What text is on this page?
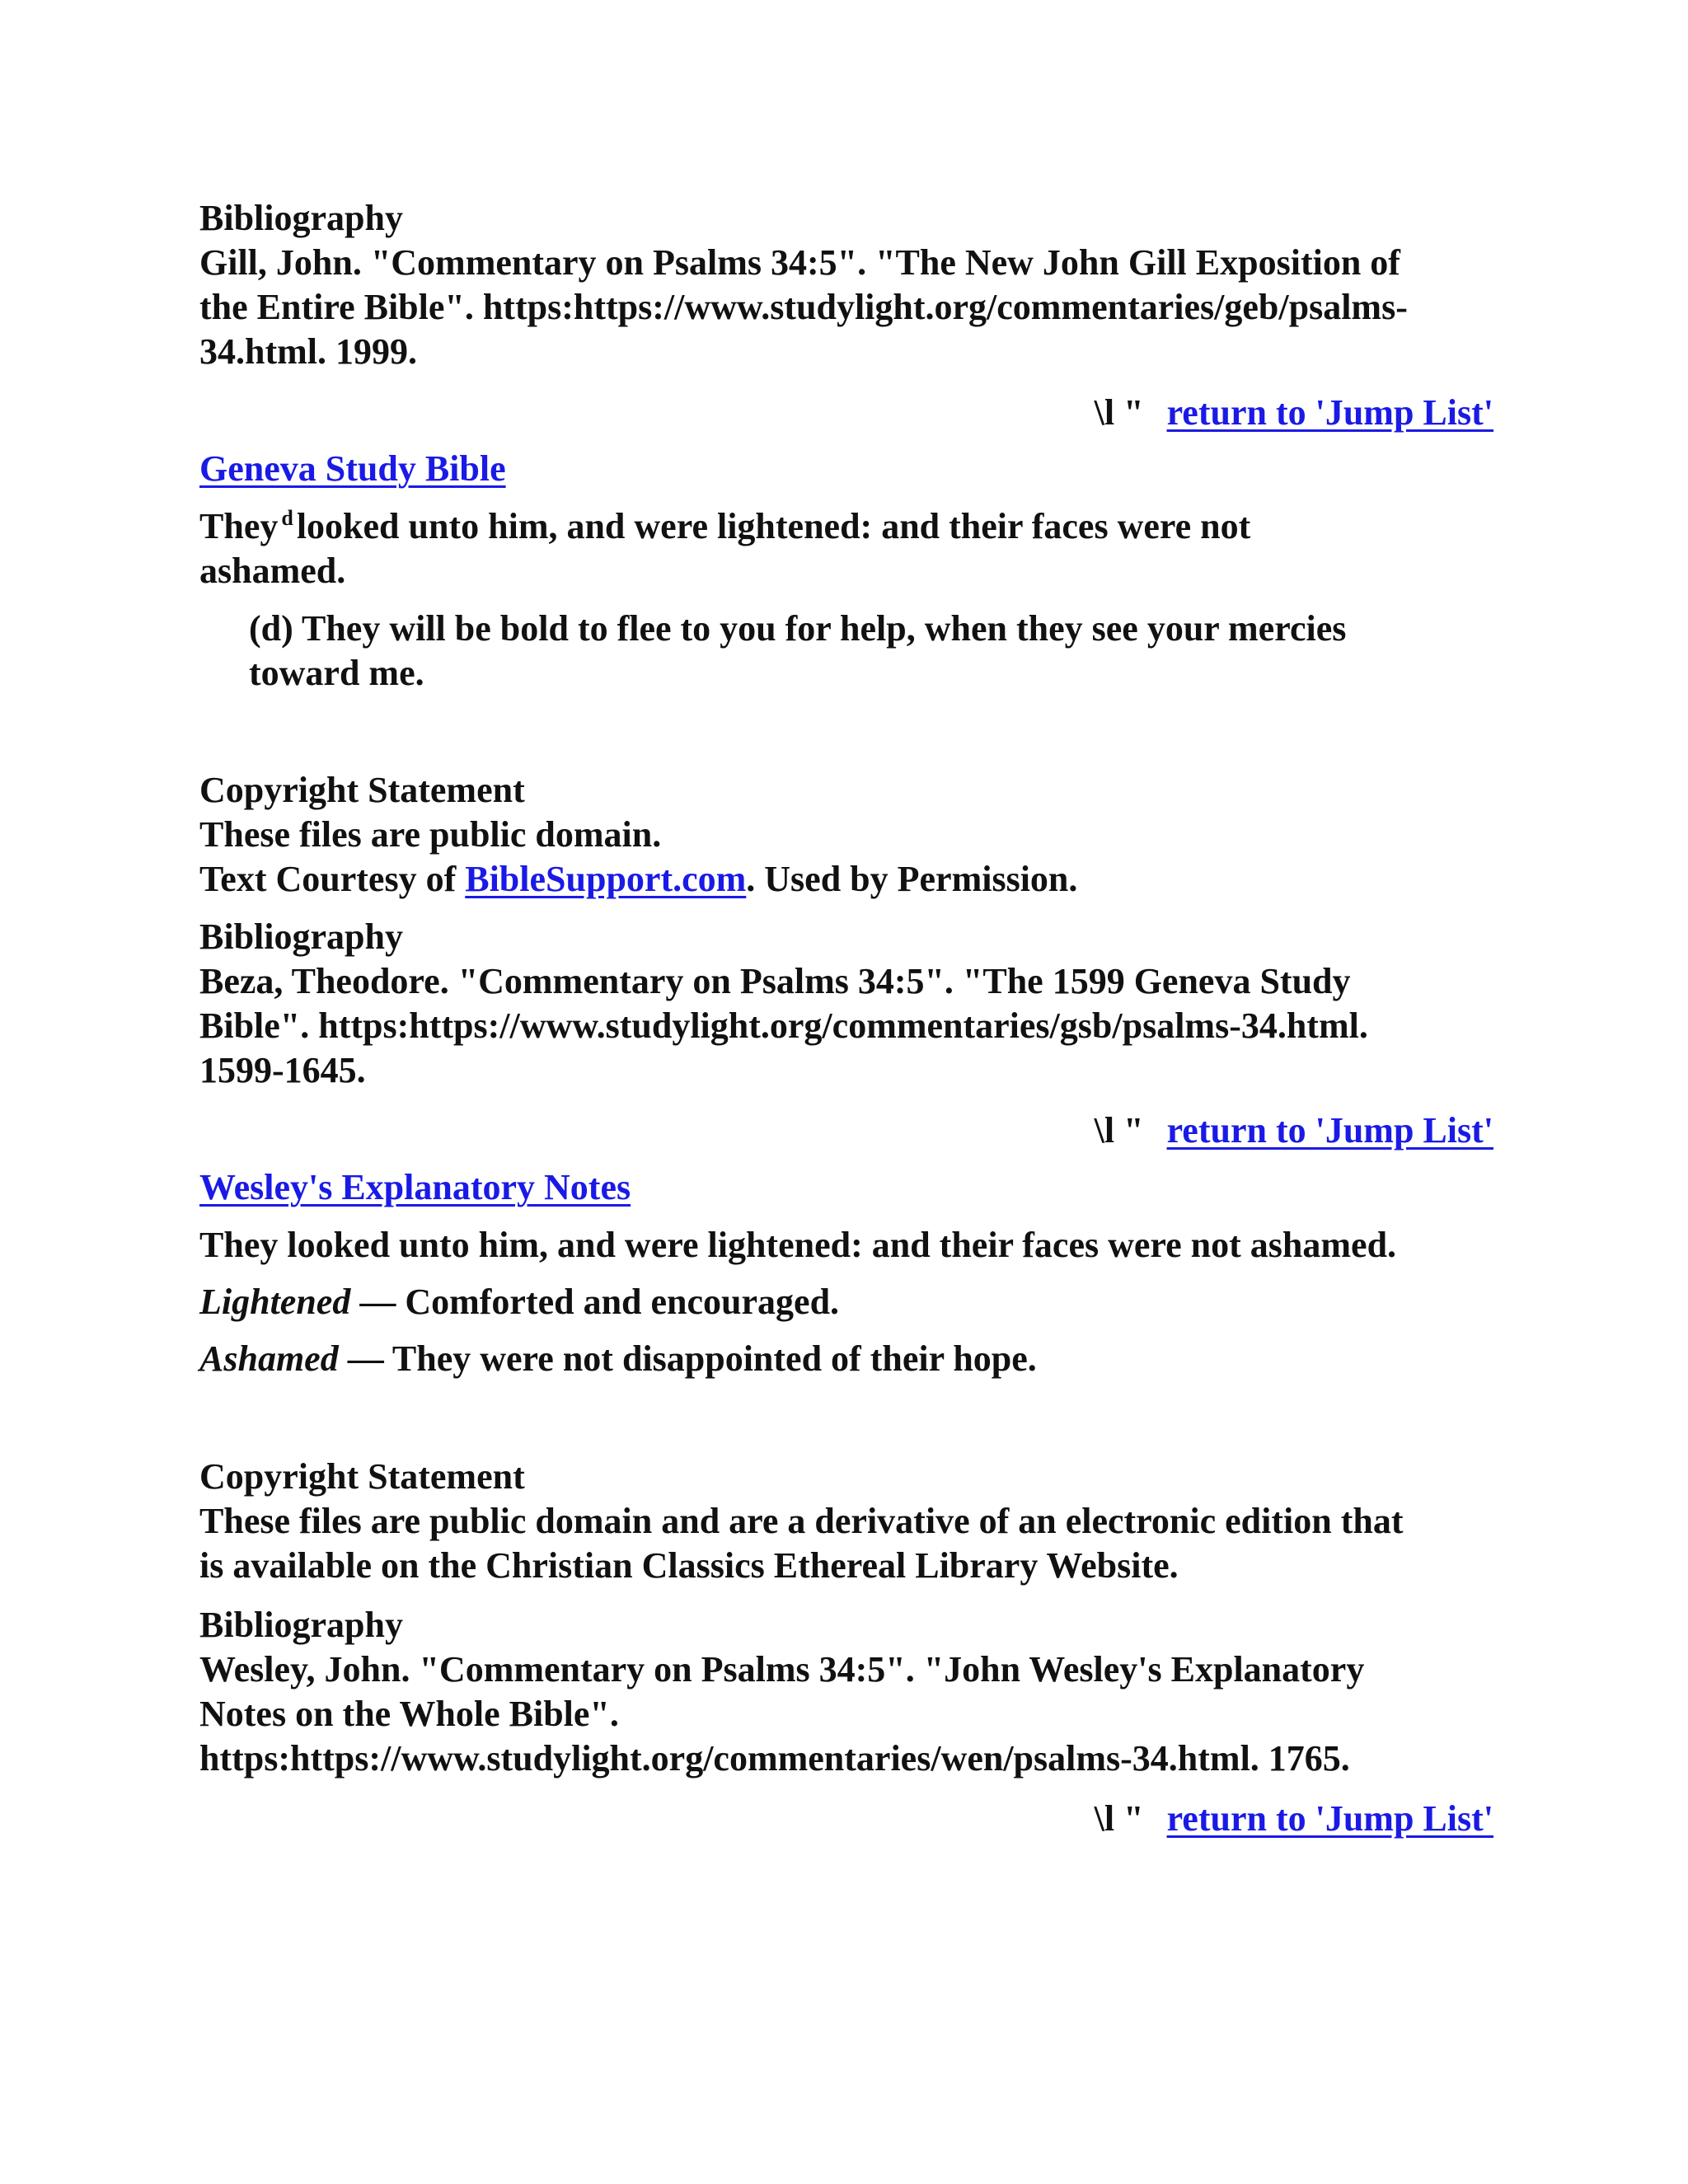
Bibliography
Gill, John. "Commentary on Psalms 34:5". "The New John Gill Exposition of
the Entire Bible". https:https://www.studylight.org/commentaries/geb/psalms-
34.html. 1999.
\l " return to 'Jump List'
Geneva Study Bible
They $^d$looked unto him, and were lightened: and their faces were not
ashamed.
(d) They will be bold to flee to you for help, when they see your mercies
toward me.
Copyright Statement
These files are public domain.
Text Courtesy of BibleSupport.com. Used by Permission.
Bibliography
Beza, Theodore. "Commentary on Psalms 34:5". "The 1599 Geneva Study
Bible". https:https://www.studylight.org/commentaries/gsb/psalms-34.html.
1599-1645.
\l " return to 'Jump List'
Wesley's Explanatory Notes
They looked unto him, and were lightened: and their faces were not ashamed.
Lightened — Comforted and encouraged.
Ashamed — They were not disappointed of their hope.
Copyright Statement
These files are public domain and are a derivative of an electronic edition that
is available on the Christian Classics Ethereal Library Website.
Bibliography
Wesley, John. "Commentary on Psalms 34:5". "John Wesley's Explanatory
Notes on the Whole Bible".
https:https://www.studylight.org/commentaries/wen/psalms-34.html. 1765.
\l " return to 'Jump List'
